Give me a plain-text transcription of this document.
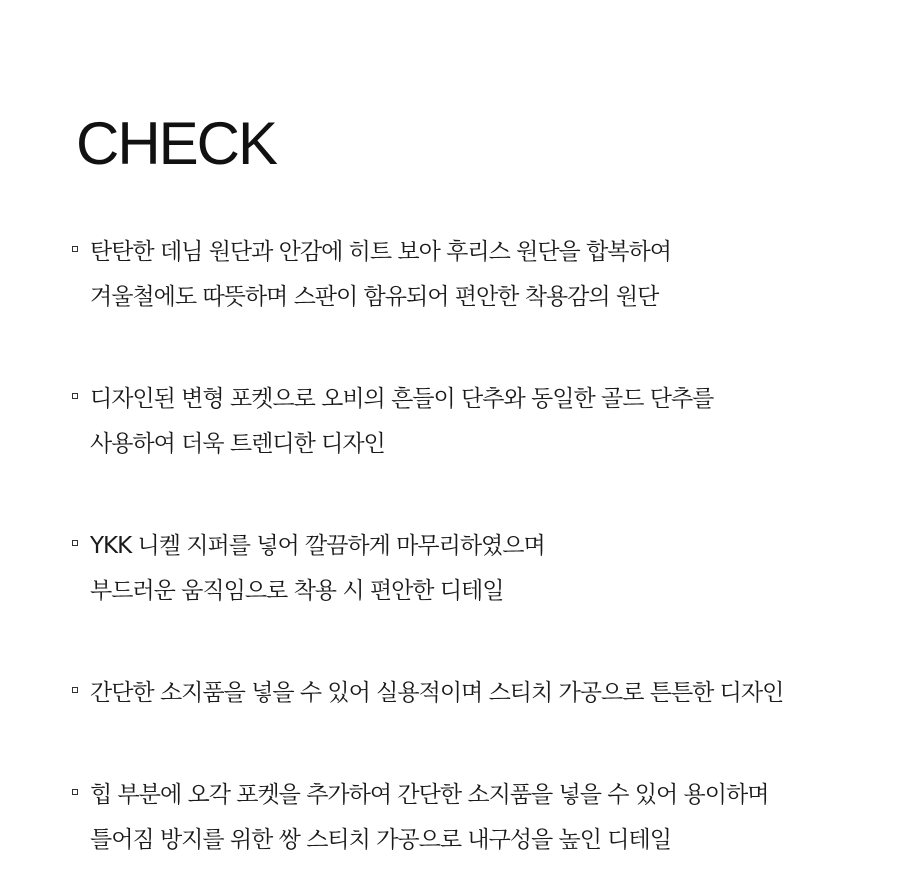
CHECK
탄탄한 데님 원단과 안감에 히트 보아 후리스 원단을 합복하여
겨울철에도 따뜻하며 스판이 함유되어 편안한 착용감의 원단
디자인된 변형 포켓으로 오비의 흔들이 단추와 동일한 골드 단추를
사용하여 더욱 트렌디한 디자인
YKK 니켈 지퍼를 넣어 깔끔하게 마무리하였으며
부드러운 움직임으로 착용 시 편안한 디테일
간단한 소지품을 넣을 수 있어 실용적이며 스티치 가공으로 튼튼한 디자인
힙 부분에 오각 포켓을 추가하여 간단한 소지품을 넣을 수 있어 용이하며
틀어짐 방지를 위한 쌍 스티치 가공으로 내구성을 높인 디테일
